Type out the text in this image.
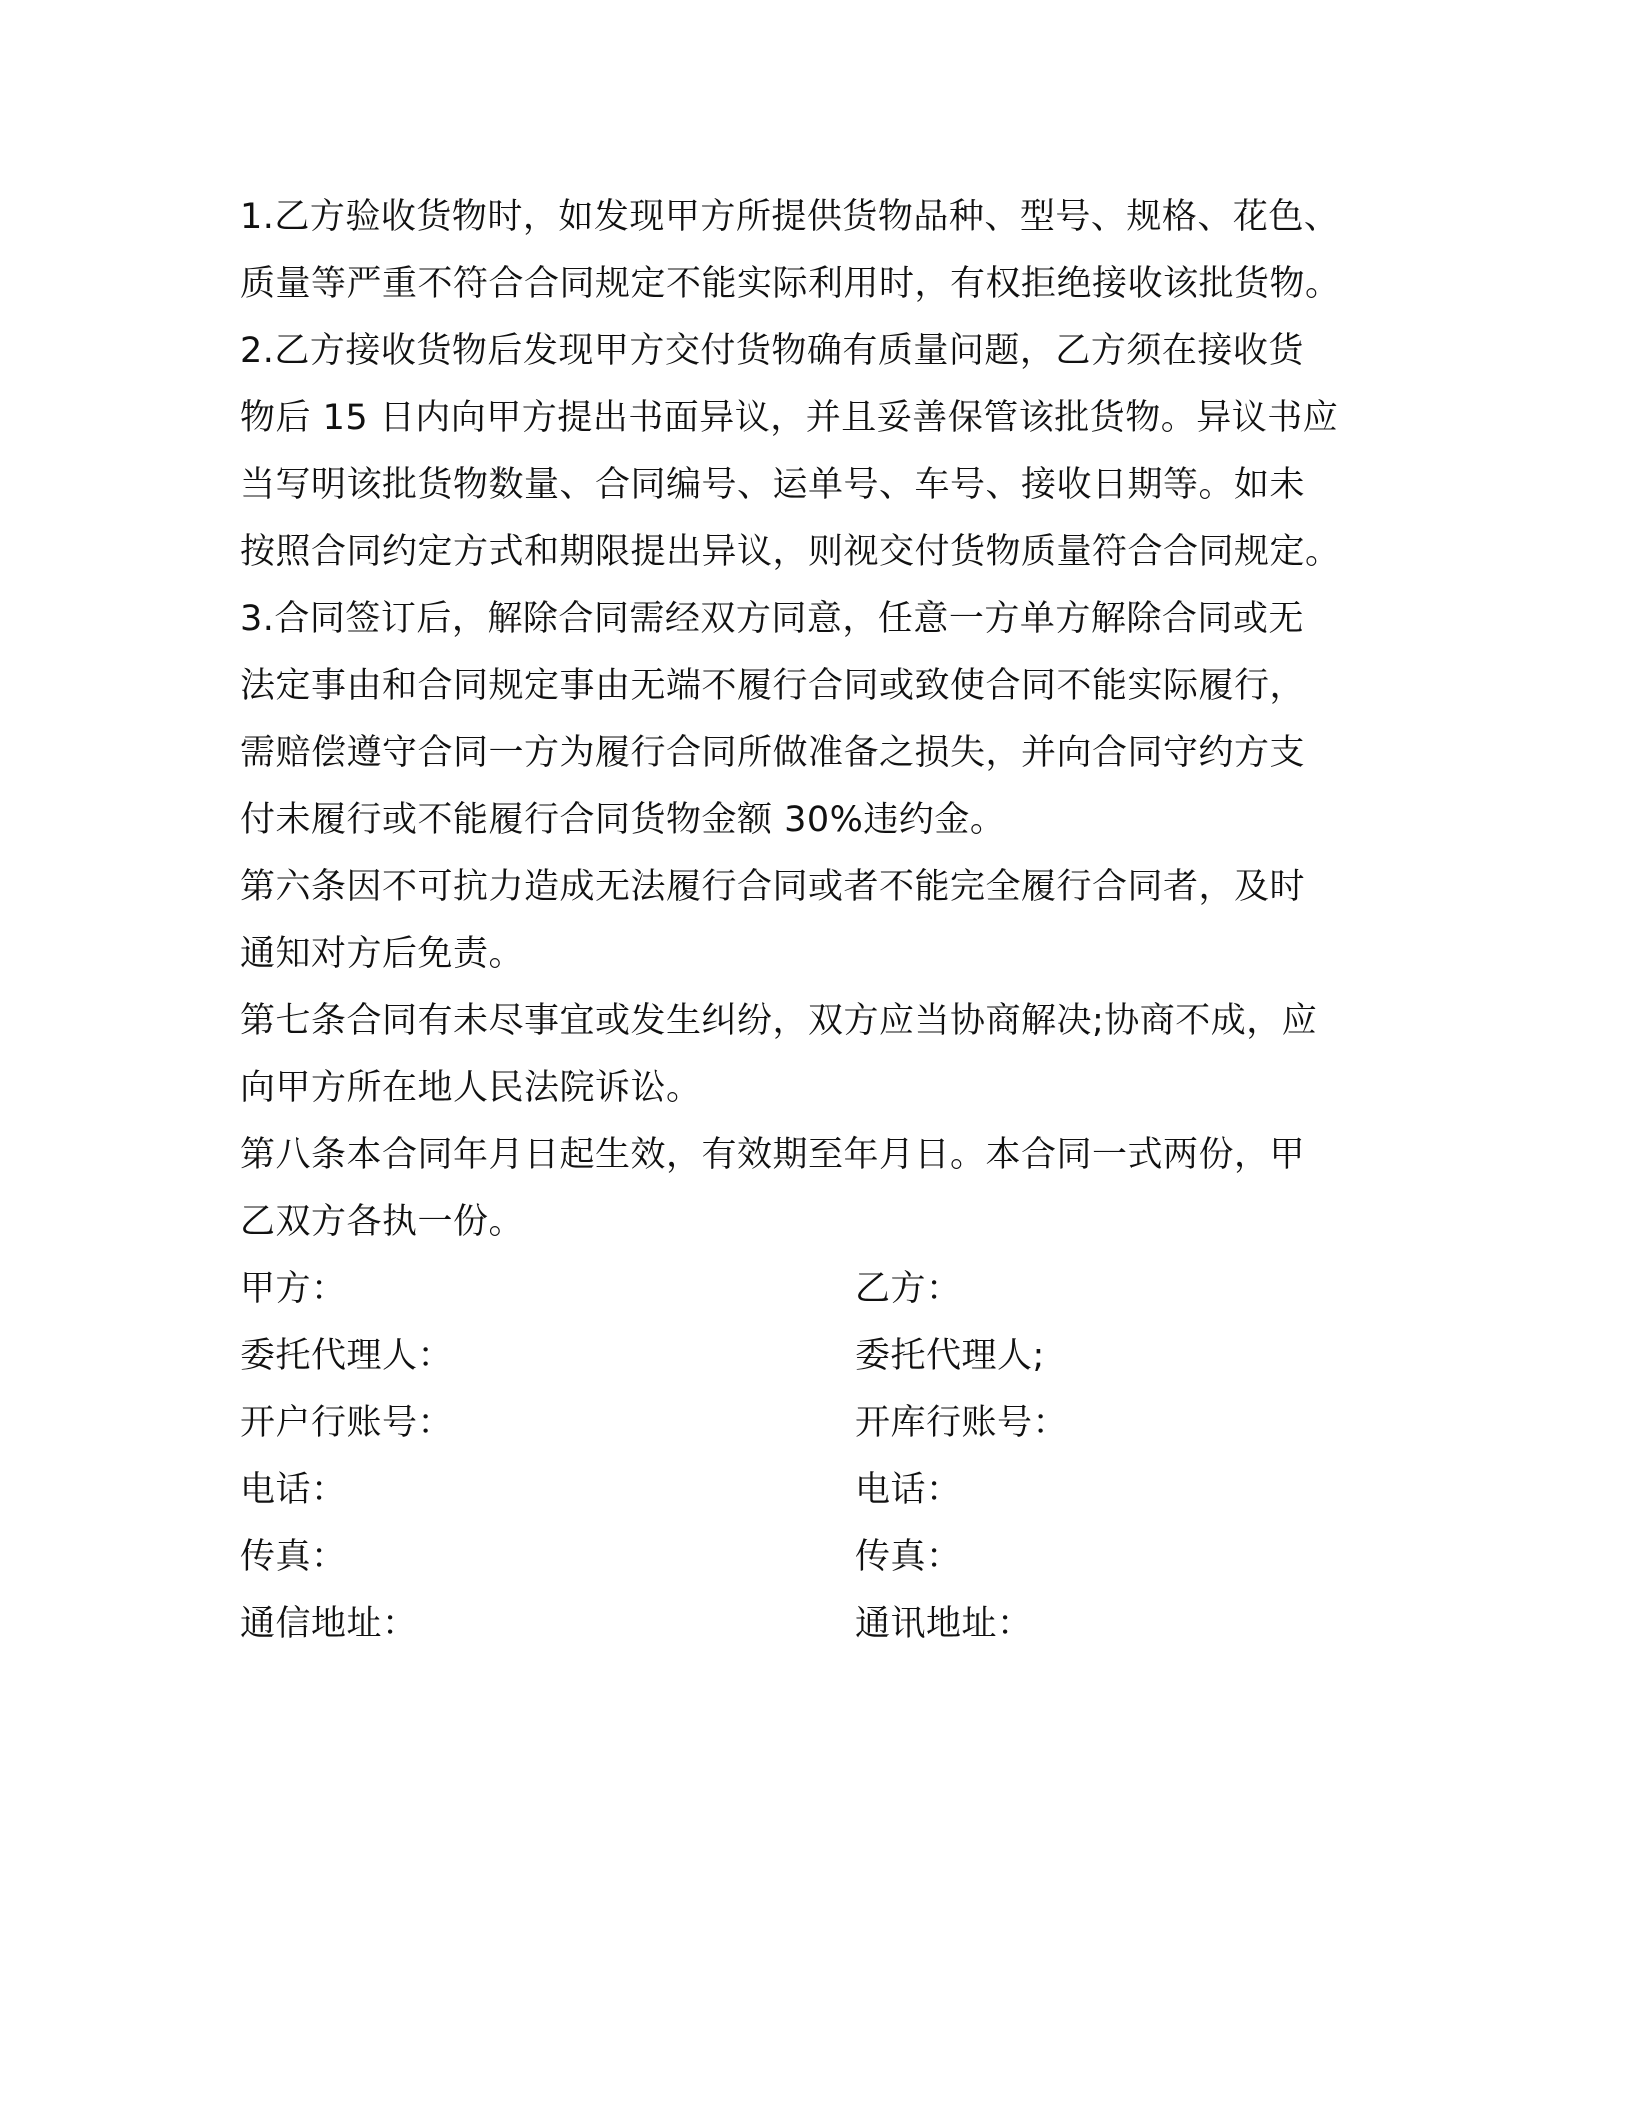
1.乙方验收货物时，如发现甲方所提供货物品种、型号、规格、花色、
质量等严重不符合合同规定不能实际利用时，有权拒绝接收该批货物。
2.乙方接收货物后发现甲方交付货物确有质量问题，乙方须在接收货
物后 15 日内向甲方提出书面异议，并且妥善保管该批货物。异议书应
当写明该批货物数量、合同编号、运单号、车号、接收日期等。如未
按照合同约定方式和期限提出异议，则视交付货物质量符合合同规定。
3.合同签订后，解除合同需经双方同意，任意一方单方解除合同或无
法定事由和合同规定事由无端不履行合同或致使合同不能实际履行，
需赔偿遵守合同一方为履行合同所做准备之损失，并向合同守约方支
付未履行或不能履行合同货物金额 30%违约金。
第六条因不可抗力造成无法履行合同或者不能完全履行合同者，及时
通知对方后免责。
第七条合同有未尽事宜或发生纠纷，双方应当协商解决;协商不成，应
向甲方所在地人民法院诉讼。
第八条本合同年月日起生效，有效期至年月日。本合同一式两份，甲
乙双方各执一份。
甲方：	乙方：
委托代理人：	委托代理人;
开户行账号：	开库行账号：
电话：	电话：
传真：	传真：
通信地址：	通讯地址：
